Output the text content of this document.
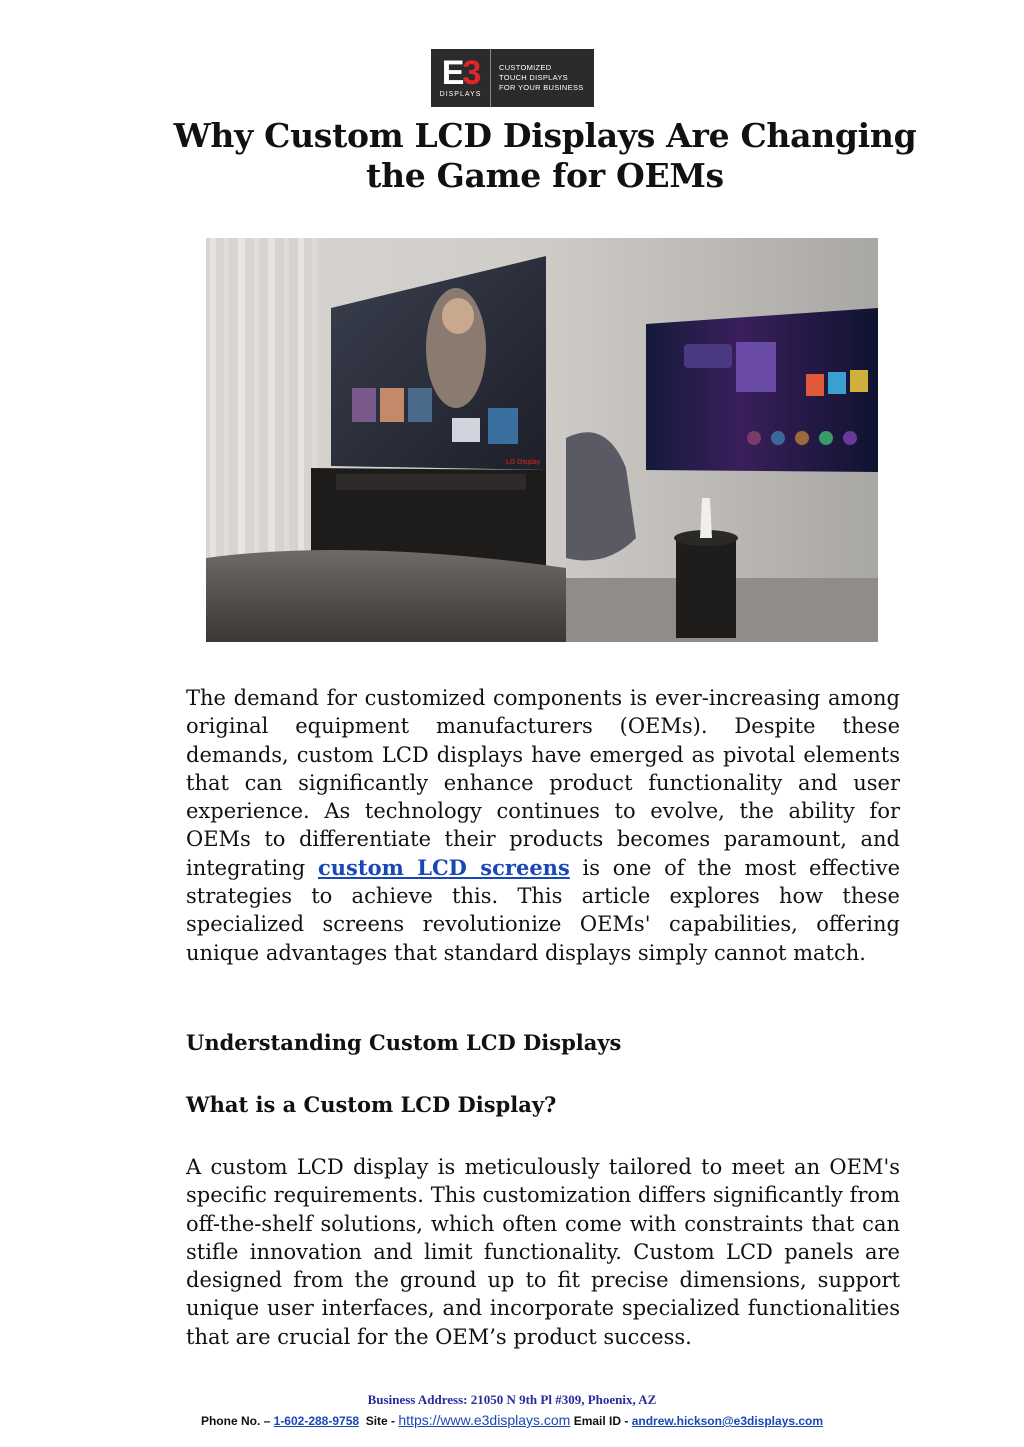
E3
DISPLAYS
CUSTOMIZED
TOUCH DISPLAYS
FOR YOUR BUSINESS
Why Custom LCD Displays Are Changing
the Game for OEMs
LG Display

The demand for customized components is ever-increasing among original equipment manufacturers (OEMs). Despite these demands, custom LCD displays have emerged as pivotal elements that can significantly enhance product functionality and user experience. As technology continues to evolve, the ability for OEMs to differentiate their products becomes paramount, and integrating custom LCD screens is one of the most effective strategies to achieve this. This article explores how these specialized screens revolutionize OEMs' capabilities, offering unique advantages that standard displays simply cannot match.

Understanding Custom LCD Displays
What is a Custom LCD Display?

A custom LCD display is meticulously tailored to meet an OEM's specific requirements. This customization differs significantly from off-the-shelf solutions, which often come with constraints that can stifle innovation and limit functionality. Custom LCD panels are designed from the ground up to fit precise dimensions, support unique user interfaces, and incorporate specialized functionalities that are crucial for the OEM’s product success.

Business Address: 21050 N 9th Pl #309, Phoenix, AZ

Phone No. – 1-602-288-9758 Site - https://www.e3displays.com Email ID - andrew.hickson@e3displays.com
